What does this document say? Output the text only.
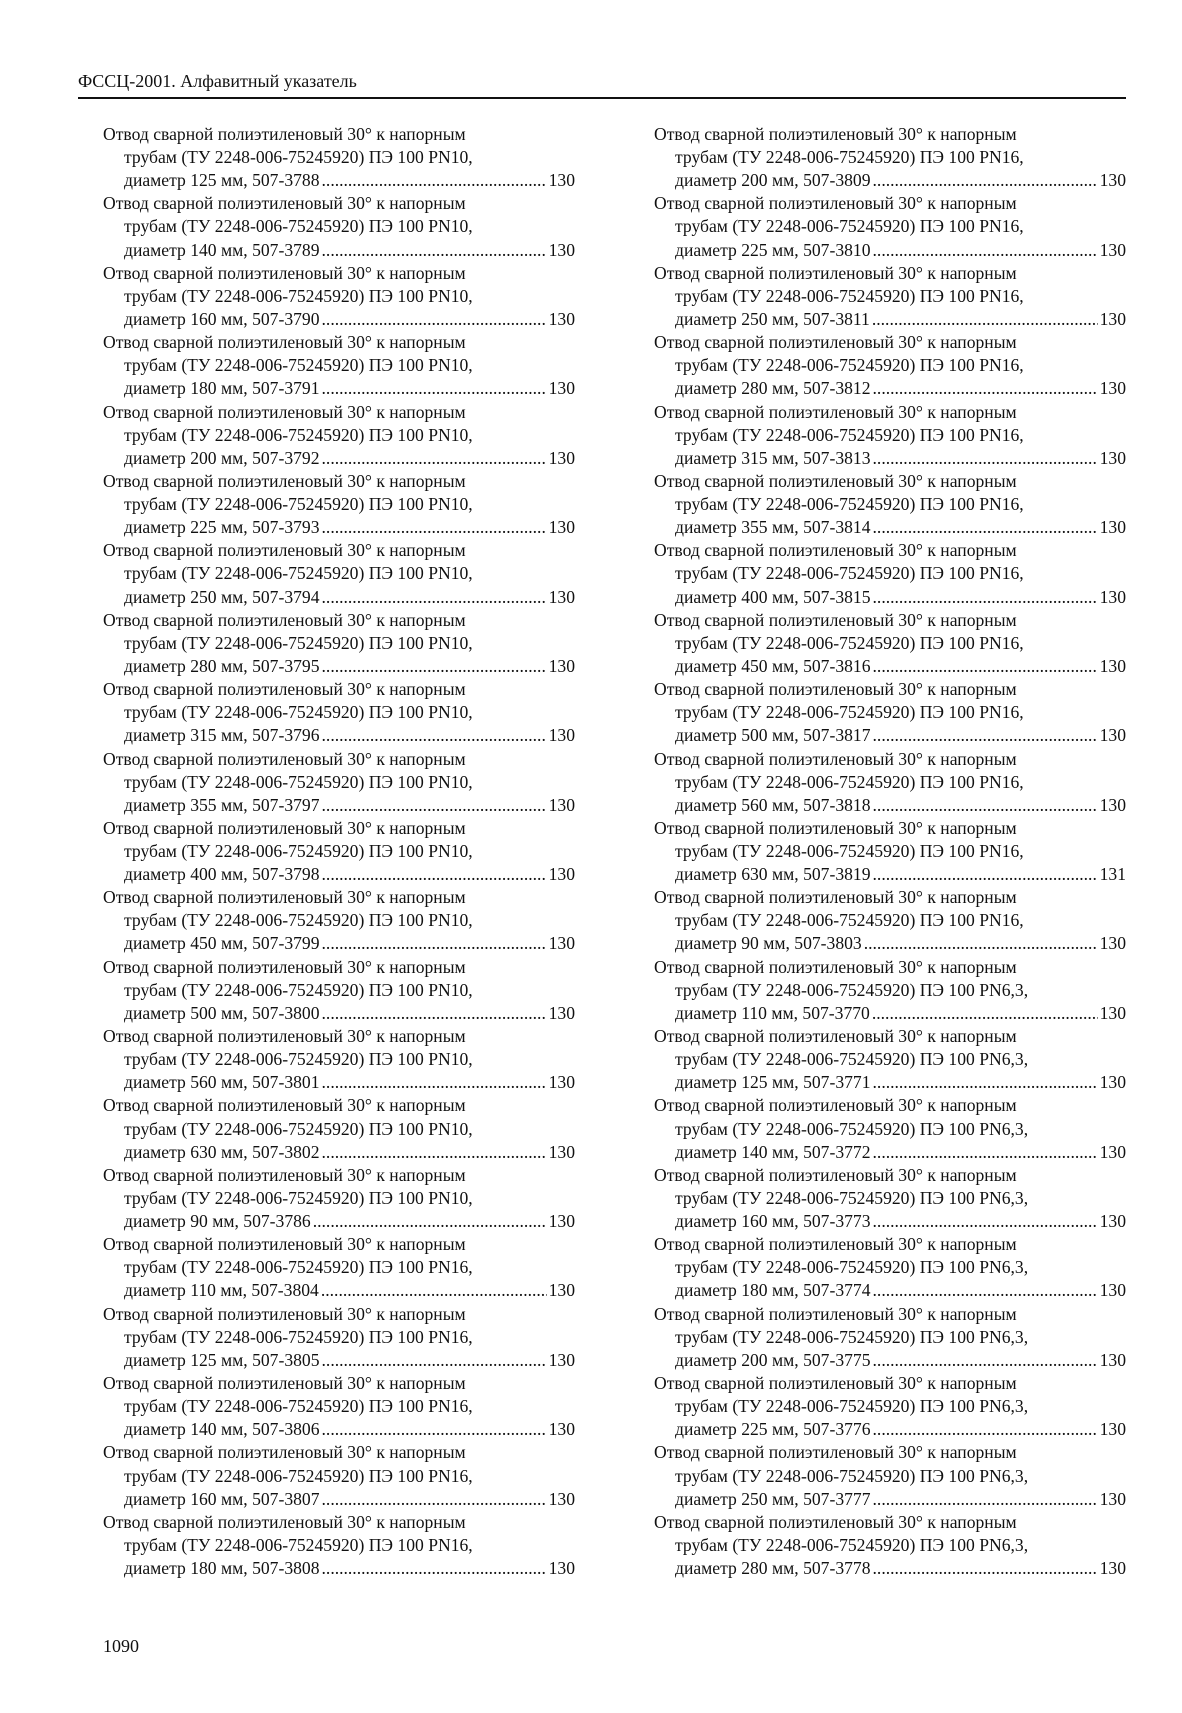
ФССЦ-2001. Алфавитный указатель
Отвод сварной полиэтиленовый 30° к напорным
трубам (ТУ 2248-006-75245920) ПЭ 100 PN10,
диаметр 125 мм, 507-3788 .....	130
Отвод сварной полиэтиленовый 30° к напорным
трубам (ТУ 2248-006-75245920) ПЭ 100 PN10,
диаметр 140 мм, 507-3789 .....	130
Отвод сварной полиэтиленовый 30° к напорным
трубам (ТУ 2248-006-75245920) ПЭ 100 PN10,
диаметр 160 мм, 507-3790 .....	130
Отвод сварной полиэтиленовый 30° к напорным
трубам (ТУ 2248-006-75245920) ПЭ 100 PN10,
диаметр 180 мм, 507-3791 .....	130
Отвод сварной полиэтиленовый 30° к напорным
трубам (ТУ 2248-006-75245920) ПЭ 100 PN10,
диаметр 200 мм, 507-3792 .....	130
Отвод сварной полиэтиленовый 30° к напорным
трубам (ТУ 2248-006-75245920) ПЭ 100 PN10,
диаметр 225 мм, 507-3793 .....	130
Отвод сварной полиэтиленовый 30° к напорным
трубам (ТУ 2248-006-75245920) ПЭ 100 PN10,
диаметр 250 мм, 507-3794 .....	130
Отвод сварной полиэтиленовый 30° к напорным
трубам (ТУ 2248-006-75245920) ПЭ 100 PN10,
диаметр 280 мм, 507-3795 .....	130
Отвод сварной полиэтиленовый 30° к напорным
трубам (ТУ 2248-006-75245920) ПЭ 100 PN10,
диаметр 315 мм, 507-3796 .....	130
Отвод сварной полиэтиленовый 30° к напорным
трубам (ТУ 2248-006-75245920) ПЭ 100 PN10,
диаметр 355 мм, 507-3797 .....	130
Отвод сварной полиэтиленовый 30° к напорным
трубам (ТУ 2248-006-75245920) ПЭ 100 PN10,
диаметр 400 мм, 507-3798 .....	130
Отвод сварной полиэтиленовый 30° к напорным
трубам (ТУ 2248-006-75245920) ПЭ 100 PN10,
диаметр 450 мм, 507-3799 .....	130
Отвод сварной полиэтиленовый 30° к напорным
трубам (ТУ 2248-006-75245920) ПЭ 100 PN10,
диаметр 500 мм, 507-3800 .....	130
Отвод сварной полиэтиленовый 30° к напорным
трубам (ТУ 2248-006-75245920) ПЭ 100 PN10,
диаметр 560 мм, 507-3801 .....	130
Отвод сварной полиэтиленовый 30° к напорным
трубам (ТУ 2248-006-75245920) ПЭ 100 PN10,
диаметр 630 мм, 507-3802 .....	130
Отвод сварной полиэтиленовый 30° к напорным
трубам (ТУ 2248-006-75245920) ПЭ 100 PN10,
диаметр 90 мм, 507-3786 .....	130
Отвод сварной полиэтиленовый 30° к напорным
трубам (ТУ 2248-006-75245920) ПЭ 100 PN16,
диаметр 110 мм, 507-3804 .....	130
Отвод сварной полиэтиленовый 30° к напорным
трубам (ТУ 2248-006-75245920) ПЭ 100 PN16,
диаметр 125 мм, 507-3805 .....	130
Отвод сварной полиэтиленовый 30° к напорным
трубам (ТУ 2248-006-75245920) ПЭ 100 PN16,
диаметр 140 мм, 507-3806 .....	130
Отвод сварной полиэтиленовый 30° к напорным
трубам (ТУ 2248-006-75245920) ПЭ 100 PN16,
диаметр 160 мм, 507-3807 .....	130
Отвод сварной полиэтиленовый 30° к напорным
трубам (ТУ 2248-006-75245920) ПЭ 100 PN16,
диаметр 180 мм, 507-3808 .....	130
Отвод сварной полиэтиленовый 30° к напорным
трубам (ТУ 2248-006-75245920) ПЭ 100 PN16,
диаметр 200 мм, 507-3809 .....	130
Отвод сварной полиэтиленовый 30° к напорным
трубам (ТУ 2248-006-75245920) ПЭ 100 PN16,
диаметр 225 мм, 507-3810 .....	130
Отвод сварной полиэтиленовый 30° к напорным
трубам (ТУ 2248-006-75245920) ПЭ 100 PN16,
диаметр 250 мм, 507-3811 .....	130
Отвод сварной полиэтиленовый 30° к напорным
трубам (ТУ 2248-006-75245920) ПЭ 100 PN16,
диаметр 280 мм, 507-3812 .....	130
Отвод сварной полиэтиленовый 30° к напорным
трубам (ТУ 2248-006-75245920) ПЭ 100 PN16,
диаметр 315 мм, 507-3813 .....	130
Отвод сварной полиэтиленовый 30° к напорным
трубам (ТУ 2248-006-75245920) ПЭ 100 PN16,
диаметр 355 мм, 507-3814 .....	130
Отвод сварной полиэтиленовый 30° к напорным
трубам (ТУ 2248-006-75245920) ПЭ 100 PN16,
диаметр 400 мм, 507-3815 .....	130
Отвод сварной полиэтиленовый 30° к напорным
трубам (ТУ 2248-006-75245920) ПЭ 100 PN16,
диаметр 450 мм, 507-3816 .....	130
Отвод сварной полиэтиленовый 30° к напорным
трубам (ТУ 2248-006-75245920) ПЭ 100 PN16,
диаметр 500 мм, 507-3817 .....	130
Отвод сварной полиэтиленовый 30° к напорным
трубам (ТУ 2248-006-75245920) ПЭ 100 PN16,
диаметр 560 мм, 507-3818 .....	130
Отвод сварной полиэтиленовый 30° к напорным
трубам (ТУ 2248-006-75245920) ПЭ 100 PN16,
диаметр 630 мм, 507-3819 .....	131
Отвод сварной полиэтиленовый 30° к напорным
трубам (ТУ 2248-006-75245920) ПЭ 100 PN16,
диаметр 90 мм, 507-3803 .....	130
Отвод сварной полиэтиленовый 30° к напорным
трубам (ТУ 2248-006-75245920) ПЭ 100 PN6,3,
диаметр 110 мм, 507-3770 .....	130
Отвод сварной полиэтиленовый 30° к напорным
трубам (ТУ 2248-006-75245920) ПЭ 100 PN6,3,
диаметр 125 мм, 507-3771 .....	130
Отвод сварной полиэтиленовый 30° к напорным
трубам (ТУ 2248-006-75245920) ПЭ 100 PN6,3,
диаметр 140 мм, 507-3772 .....	130
Отвод сварной полиэтиленовый 30° к напорным
трубам (ТУ 2248-006-75245920) ПЭ 100 PN6,3,
диаметр 160 мм, 507-3773 .....	130
Отвод сварной полиэтиленовый 30° к напорным
трубам (ТУ 2248-006-75245920) ПЭ 100 PN6,3,
диаметр 180 мм, 507-3774 .....	130
Отвод сварной полиэтиленовый 30° к напорным
трубам (ТУ 2248-006-75245920) ПЭ 100 PN6,3,
диаметр 200 мм, 507-3775 .....	130
Отвод сварной полиэтиленовый 30° к напорным
трубам (ТУ 2248-006-75245920) ПЭ 100 PN6,3,
диаметр 225 мм, 507-3776 .....	130
Отвод сварной полиэтиленовый 30° к напорным
трубам (ТУ 2248-006-75245920) ПЭ 100 PN6,3,
диаметр 250 мм, 507-3777 .....	130
Отвод сварной полиэтиленовый 30° к напорным
трубам (ТУ 2248-006-75245920) ПЭ 100 PN6,3,
диаметр 280 мм, 507-3778 .....	130
1090
